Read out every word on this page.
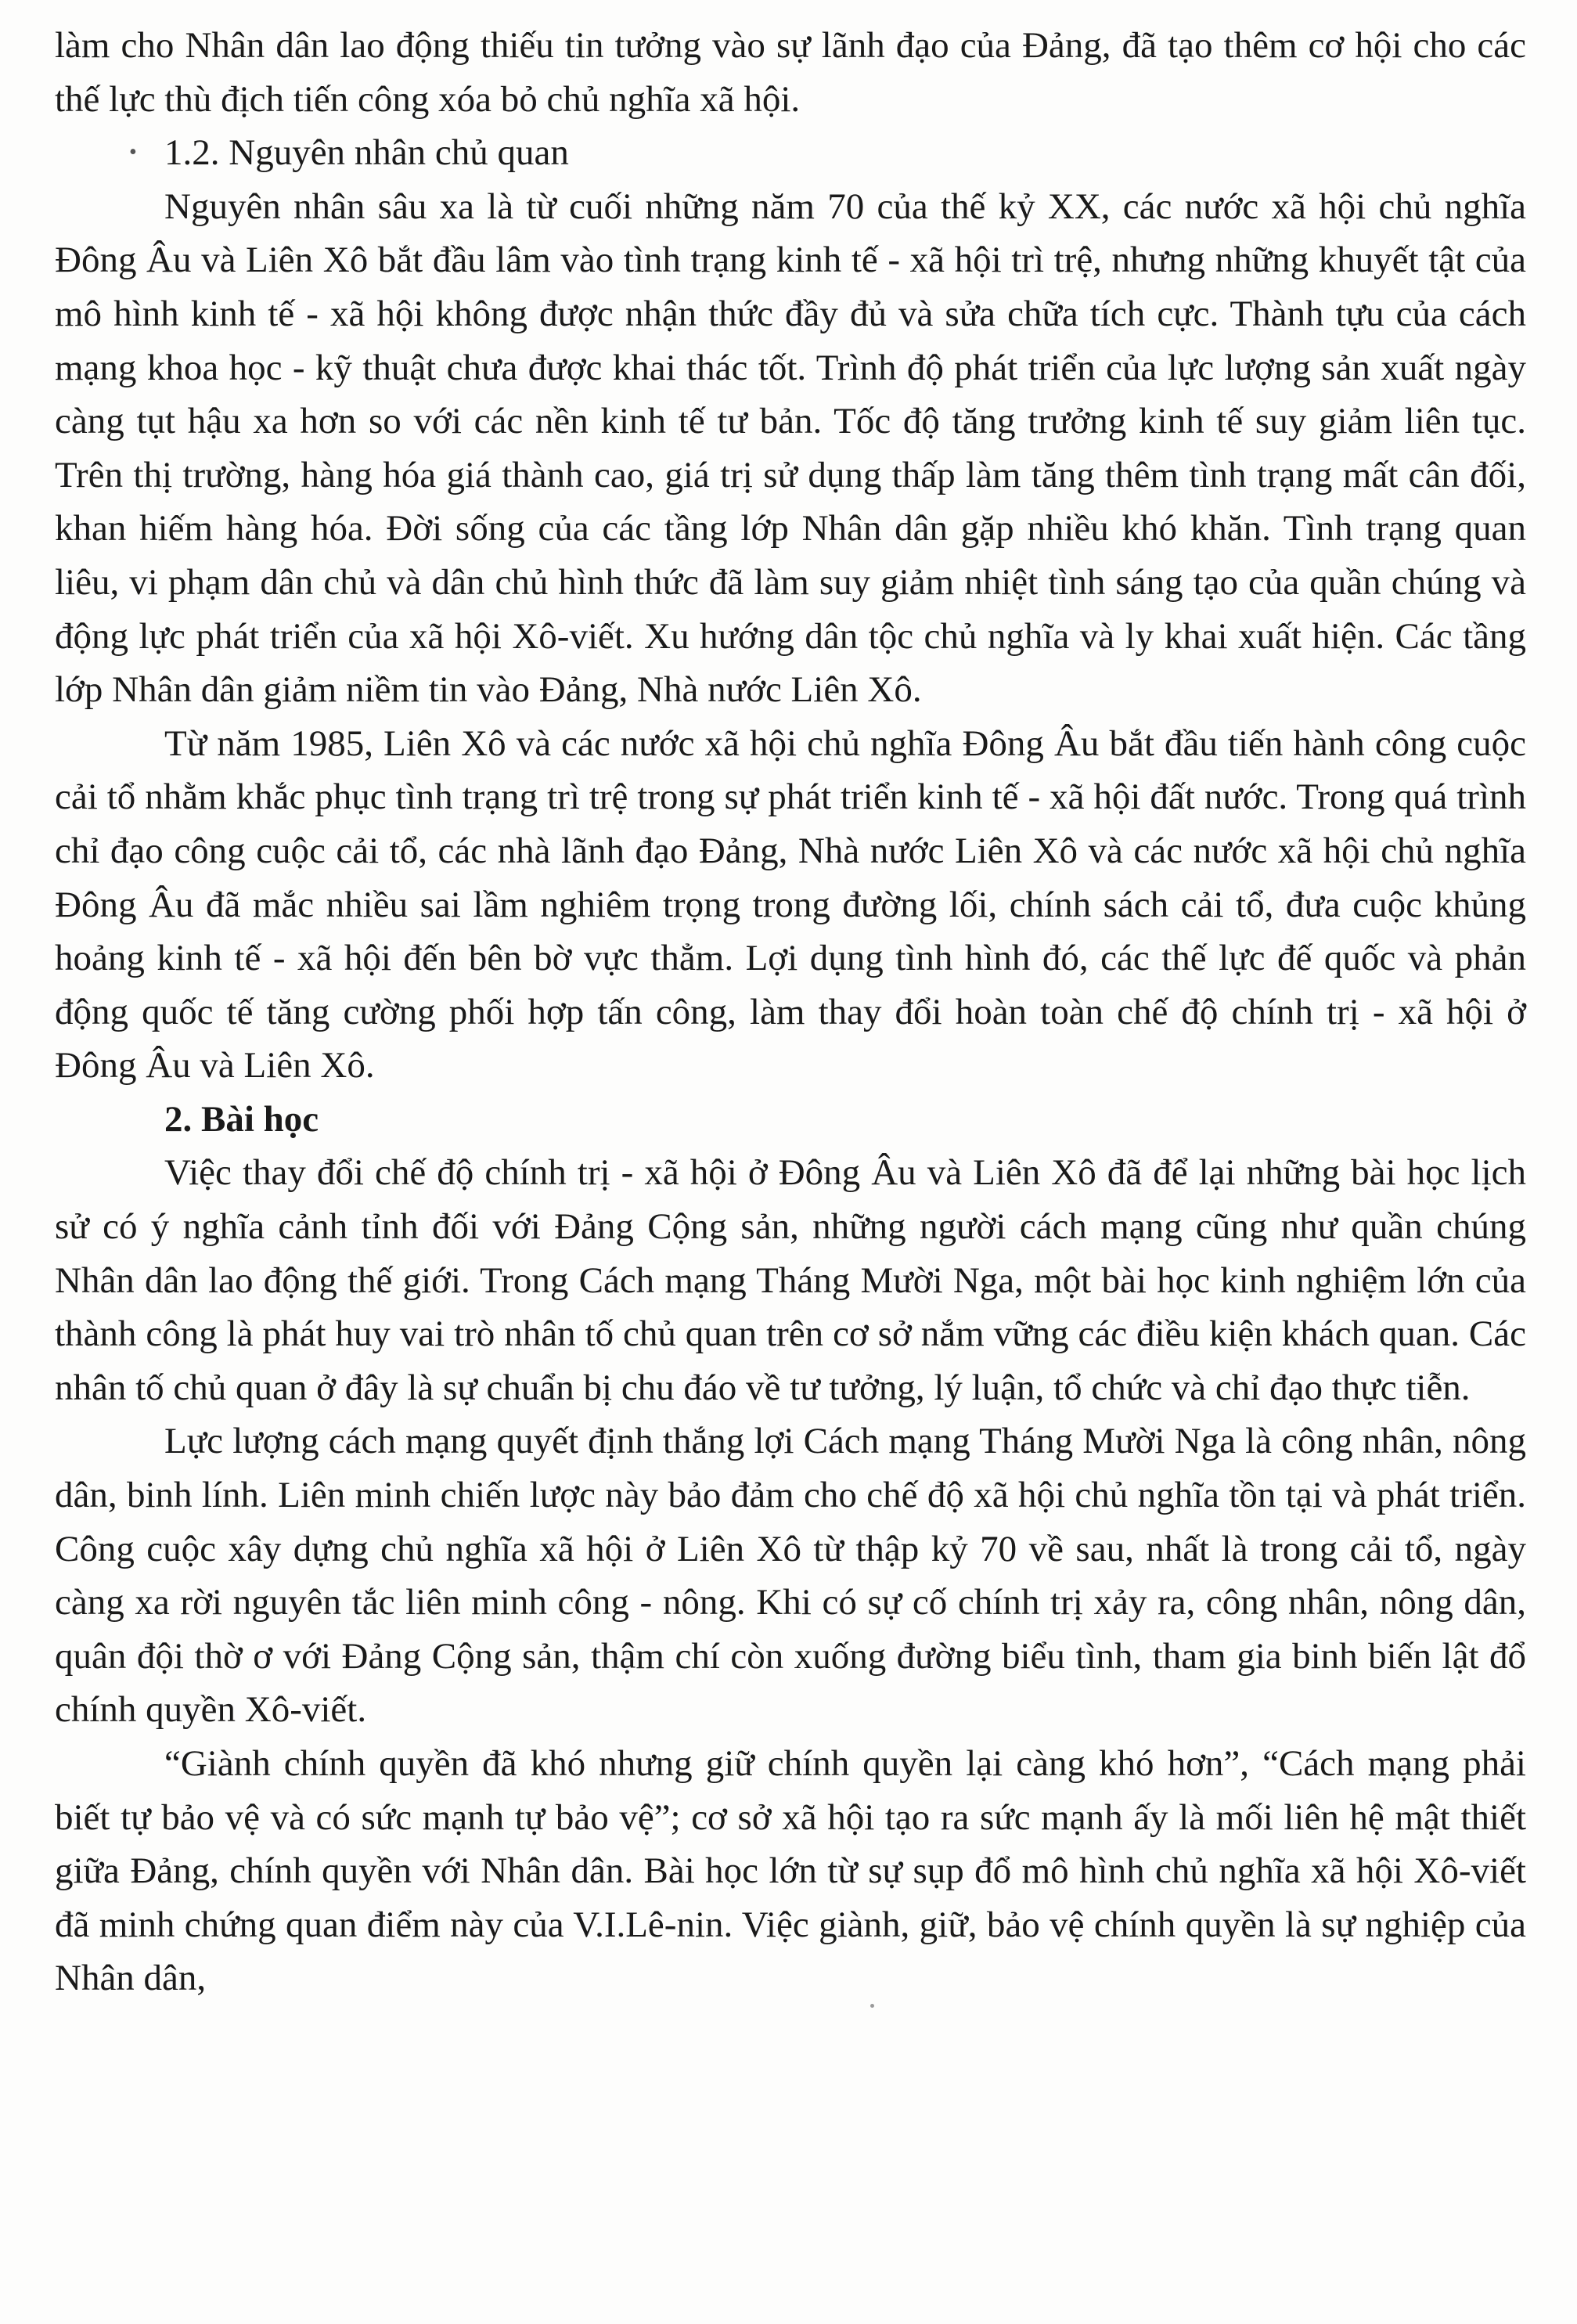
làm cho Nhân dân lao động thiếu tin tưởng vào sự lãnh đạo của Đảng, đã tạo thêm cơ hội cho các thế lực thù địch tiến công xóa bỏ chủ nghĩa xã hội.

• 1.2. Nguyên nhân chủ quan

Nguyên nhân sâu xa là từ cuối những năm 70 của thế kỷ XX, các nước xã hội chủ nghĩa Đông Âu và Liên Xô bắt đầu lâm vào tình trạng kinh tế - xã hội trì trệ, nhưng những khuyết tật của mô hình kinh tế - xã hội không được nhận thức đầy đủ và sửa chữa tích cực. Thành tựu của cách mạng khoa học - kỹ thuật chưa được khai thác tốt. Trình độ phát triển của lực lượng sản xuất ngày càng tụt hậu xa hơn so với các nền kinh tế tư bản. Tốc độ tăng trưởng kinh tế suy giảm liên tục. Trên thị trường, hàng hóa giá thành cao, giá trị sử dụng thấp làm tăng thêm tình trạng mất cân đối, khan hiếm hàng hóa. Đời sống của các tầng lớp Nhân dân gặp nhiều khó khăn. Tình trạng quan liêu, vi phạm dân chủ và dân chủ hình thức đã làm suy giảm nhiệt tình sáng tạo của quần chúng và động lực phát triển của xã hội Xô-viết. Xu hướng dân tộc chủ nghĩa và ly khai xuất hiện. Các tầng lớp Nhân dân giảm niềm tin vào Đảng, Nhà nước Liên Xô.

Từ năm 1985, Liên Xô và các nước xã hội chủ nghĩa Đông Âu bắt đầu tiến hành công cuộc cải tổ nhằm khắc phục tình trạng trì trệ trong sự phát triển kinh tế - xã hội đất nước. Trong quá trình chỉ đạo công cuộc cải tổ, các nhà lãnh đạo Đảng, Nhà nước Liên Xô và các nước xã hội chủ nghĩa Đông Âu đã mắc nhiều sai lầm nghiêm trọng trong đường lối, chính sách cải tổ, đưa cuộc khủng hoảng kinh tế - xã hội đến bên bờ vực thẳm. Lợi dụng tình hình đó, các thế lực đế quốc và phản động quốc tế tăng cường phối hợp tấn công, làm thay đổi hoàn toàn chế độ chính trị - xã hội ở Đông Âu và Liên Xô.

2. Bài học

Việc thay đổi chế độ chính trị - xã hội ở Đông Âu và Liên Xô đã để lại những bài học lịch sử có ý nghĩa cảnh tỉnh đối với Đảng Cộng sản, những người cách mạng cũng như quần chúng Nhân dân lao động thế giới. Trong Cách mạng Tháng Mười Nga, một bài học kinh nghiệm lớn của thành công là phát huy vai trò nhân tố chủ quan trên cơ sở nắm vững các điều kiện khách quan. Các nhân tố chủ quan ở đây là sự chuẩn bị chu đáo về tư tưởng, lý luận, tổ chức và chỉ đạo thực tiễn.

Lực lượng cách mạng quyết định thắng lợi Cách mạng Tháng Mười Nga là công nhân, nông dân, binh lính. Liên minh chiến lược này bảo đảm cho chế độ xã hội chủ nghĩa tồn tại và phát triển. Công cuộc xây dựng chủ nghĩa xã hội ở Liên Xô từ thập kỷ 70 về sau, nhất là trong cải tổ, ngày càng xa rời nguyên tắc liên minh công - nông. Khi có sự cố chính trị xảy ra, công nhân, nông dân, quân đội thờ ơ với Đảng Cộng sản, thậm chí còn xuống đường biểu tình, tham gia binh biến lật đổ chính quyền Xô-viết.

“Giành chính quyền đã khó nhưng giữ chính quyền lại càng khó hơn”, “Cách mạng phải biết tự bảo vệ và có sức mạnh tự bảo vệ”; cơ sở xã hội tạo ra sức mạnh ấy là mối liên hệ mật thiết giữa Đảng, chính quyền với Nhân dân. Bài học lớn từ sự sụp đổ mô hình chủ nghĩa xã hội Xô-viết đã minh chứng quan điểm này của V.I.Lê-nin. Việc giành, giữ, bảo vệ chính quyền là sự nghiệp của Nhân dân,
